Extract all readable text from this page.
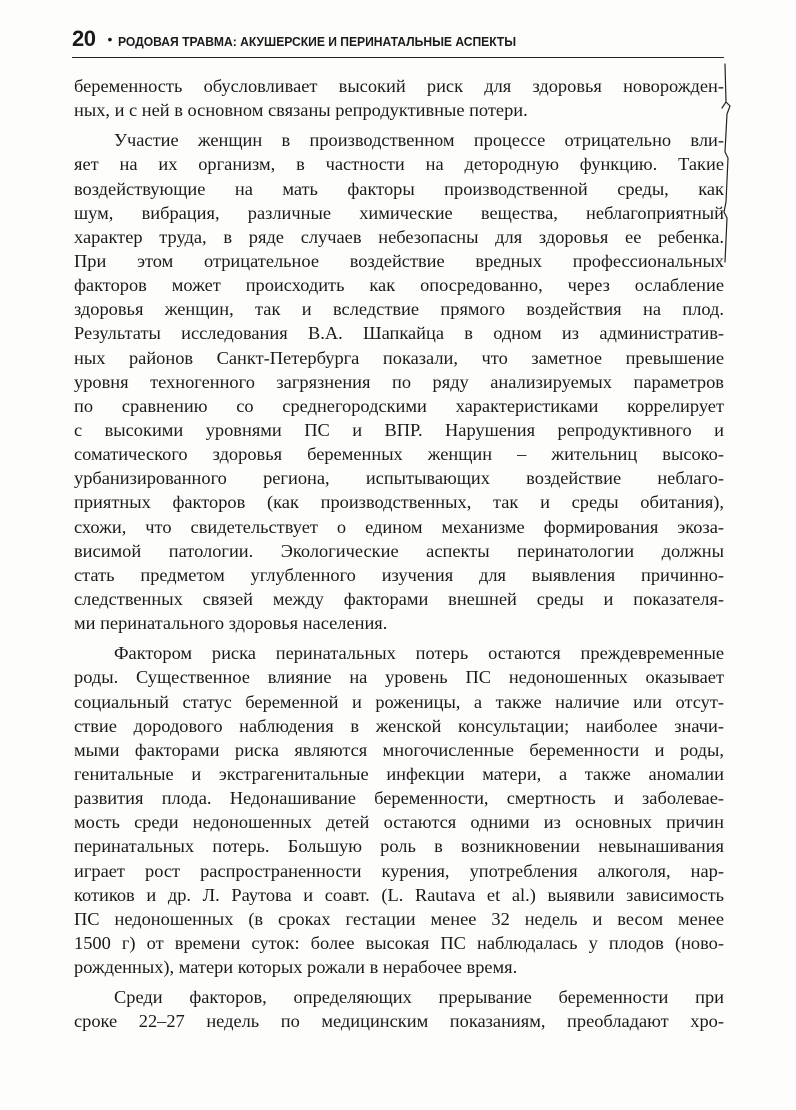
20 • РОДОВАЯ ТРАВМА: АКУШЕРСКИЕ И ПЕРИНАТАЛЬНЫЕ АСПЕКТЫ
беременность обусловливает высокий риск для здоровья новорожден-
ных, и с ней в основном связаны репродуктивные потери.
Участие женщин в производственном процессе отрицательно вли-
яет на их организм, в частности на детородную функцию. Такие
воздействующие на мать факторы производственной среды, как
шум, вибрация, различные химические вещества, неблагоприятный
характер труда, в ряде случаев небезопасны для здоровья ее ребенка.
При этом отрицательное воздействие вредных профессиональных
факторов может происходить как опосредованно, через ослабление
здоровья женщин, так и вследствие прямого воздействия на плод.
Результаты исследования В.А. Шапкайца в одном из административ-
ных районов Санкт-Петербурга показали, что заметное превышение
уровня техногенного загрязнения по ряду анализируемых параметров
по сравнению со среднегородскими характеристиками коррелирует
с высокими уровнями ПС и ВПР. Нарушения репродуктивного и
соматического здоровья беременных женщин – жительниц высоко-
урбанизированного региона, испытывающих воздействие неблаго-
приятных факторов (как производственных, так и среды обитания),
схожи, что свидетельствует о едином механизме формирования экоза-
висимой патологии. Экологические аспекты перинатологии должны
стать предметом углубленного изучения для выявления причинно-
следственных связей между факторами внешней среды и показателя-
ми перинатального здоровья населения.
Фактором риска перинатальных потерь остаются преждевременные
роды. Существенное влияние на уровень ПС недоношенных оказывает
социальный статус беременной и роженицы, а также наличие или отсут-
ствие дородового наблюдения в женской консультации; наиболее значи-
мыми факторами риска являются многочисленные беременности и роды,
генитальные и экстрагенитальные инфекции матери, а также аномалии
развития плода. Недонашивание беременности, смертность и заболевае-
мость среди недоношенных детей остаются одними из основных причин
перинатальных потерь. Большую роль в возникновении невынашивания
играет рост распространенности курения, употребления алкоголя, нар-
котиков и др. Л. Раутова и соавт. (L. Rautava et al.) выявили зависимость
ПС недоношенных (в сроках гестации менее 32 недель и весом менее
1500 г) от времени суток: более высокая ПС наблюдалась у плодов (ново-
рожденных), матери которых рожали в нерабочее время.
Среди факторов, определяющих прерывание беременности при
сроке 22–27 недель по медицинским показаниям, преобладают хро-
